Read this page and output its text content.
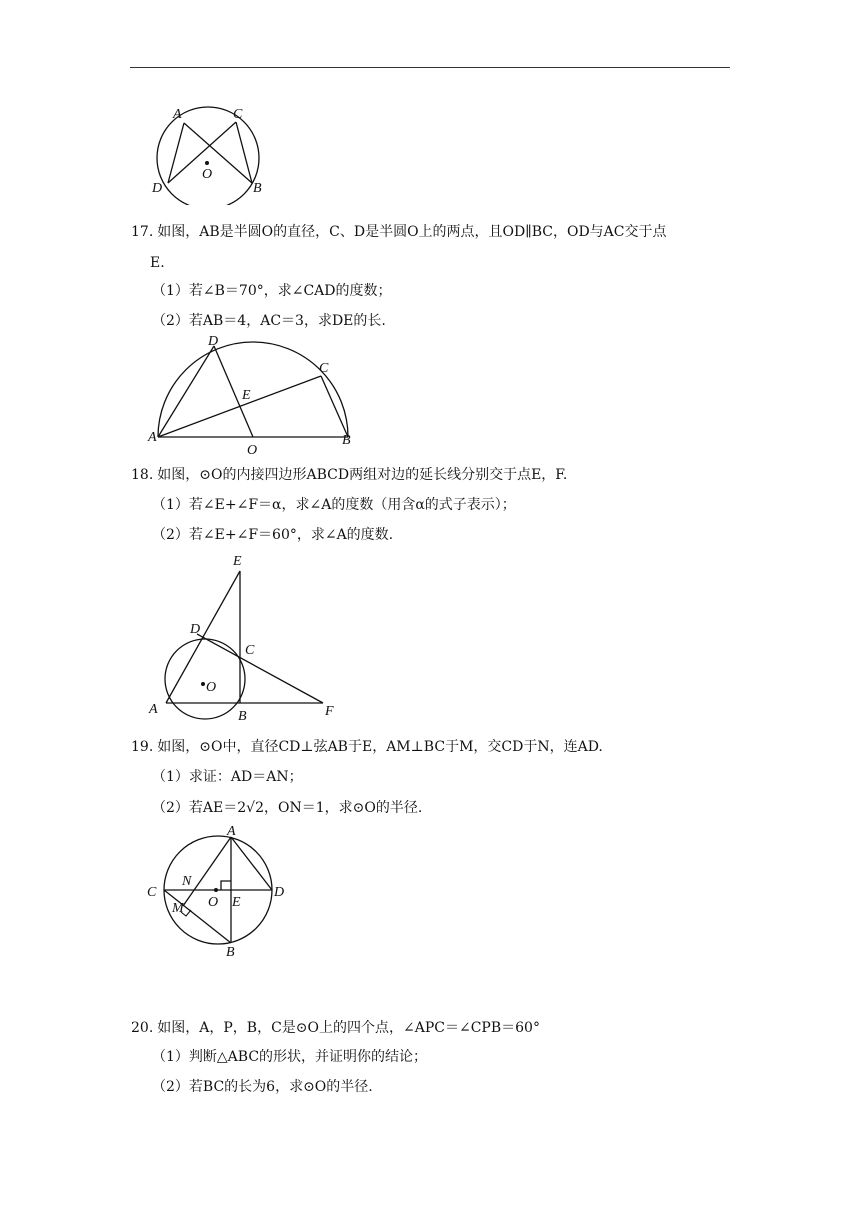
A	C
O
D	B
17. 如图，AB是半圆O的直径，C、D是半圆O上的两点，且OD∥BC，OD与AC交于点
E.
（1）若∠B＝70°，求∠CAD的度数；
（2）若AB＝4，AC＝3，求DE的长.
D
C
E
A
O
B
18. 如图，⊙O的内接四边形ABCD两组对边的延长线分别交于点E，F.
（1）若∠E+∠F＝α，求∠A的度数（用含α的式子表示）；
（2）若∠E+∠F＝60°，求∠A的度数.
E
D
C
O
A	B	F
19. 如图，⊙O中，直径CD⊥弦AB于E，AM⊥BC于M，交CD于N，连AD.
（1）求证：AD＝AN；
（2）若AE＝2√2，ON＝1，求⊙O的半径.
A
C
N
O E
D
M
B
20. 如图，A，P，B，C是⊙O上的四个点，∠APC＝∠CPB＝60°
（1）判断△ABC的形状，并证明你的结论；
（2）若BC的长为6，求⊙O的半径.
